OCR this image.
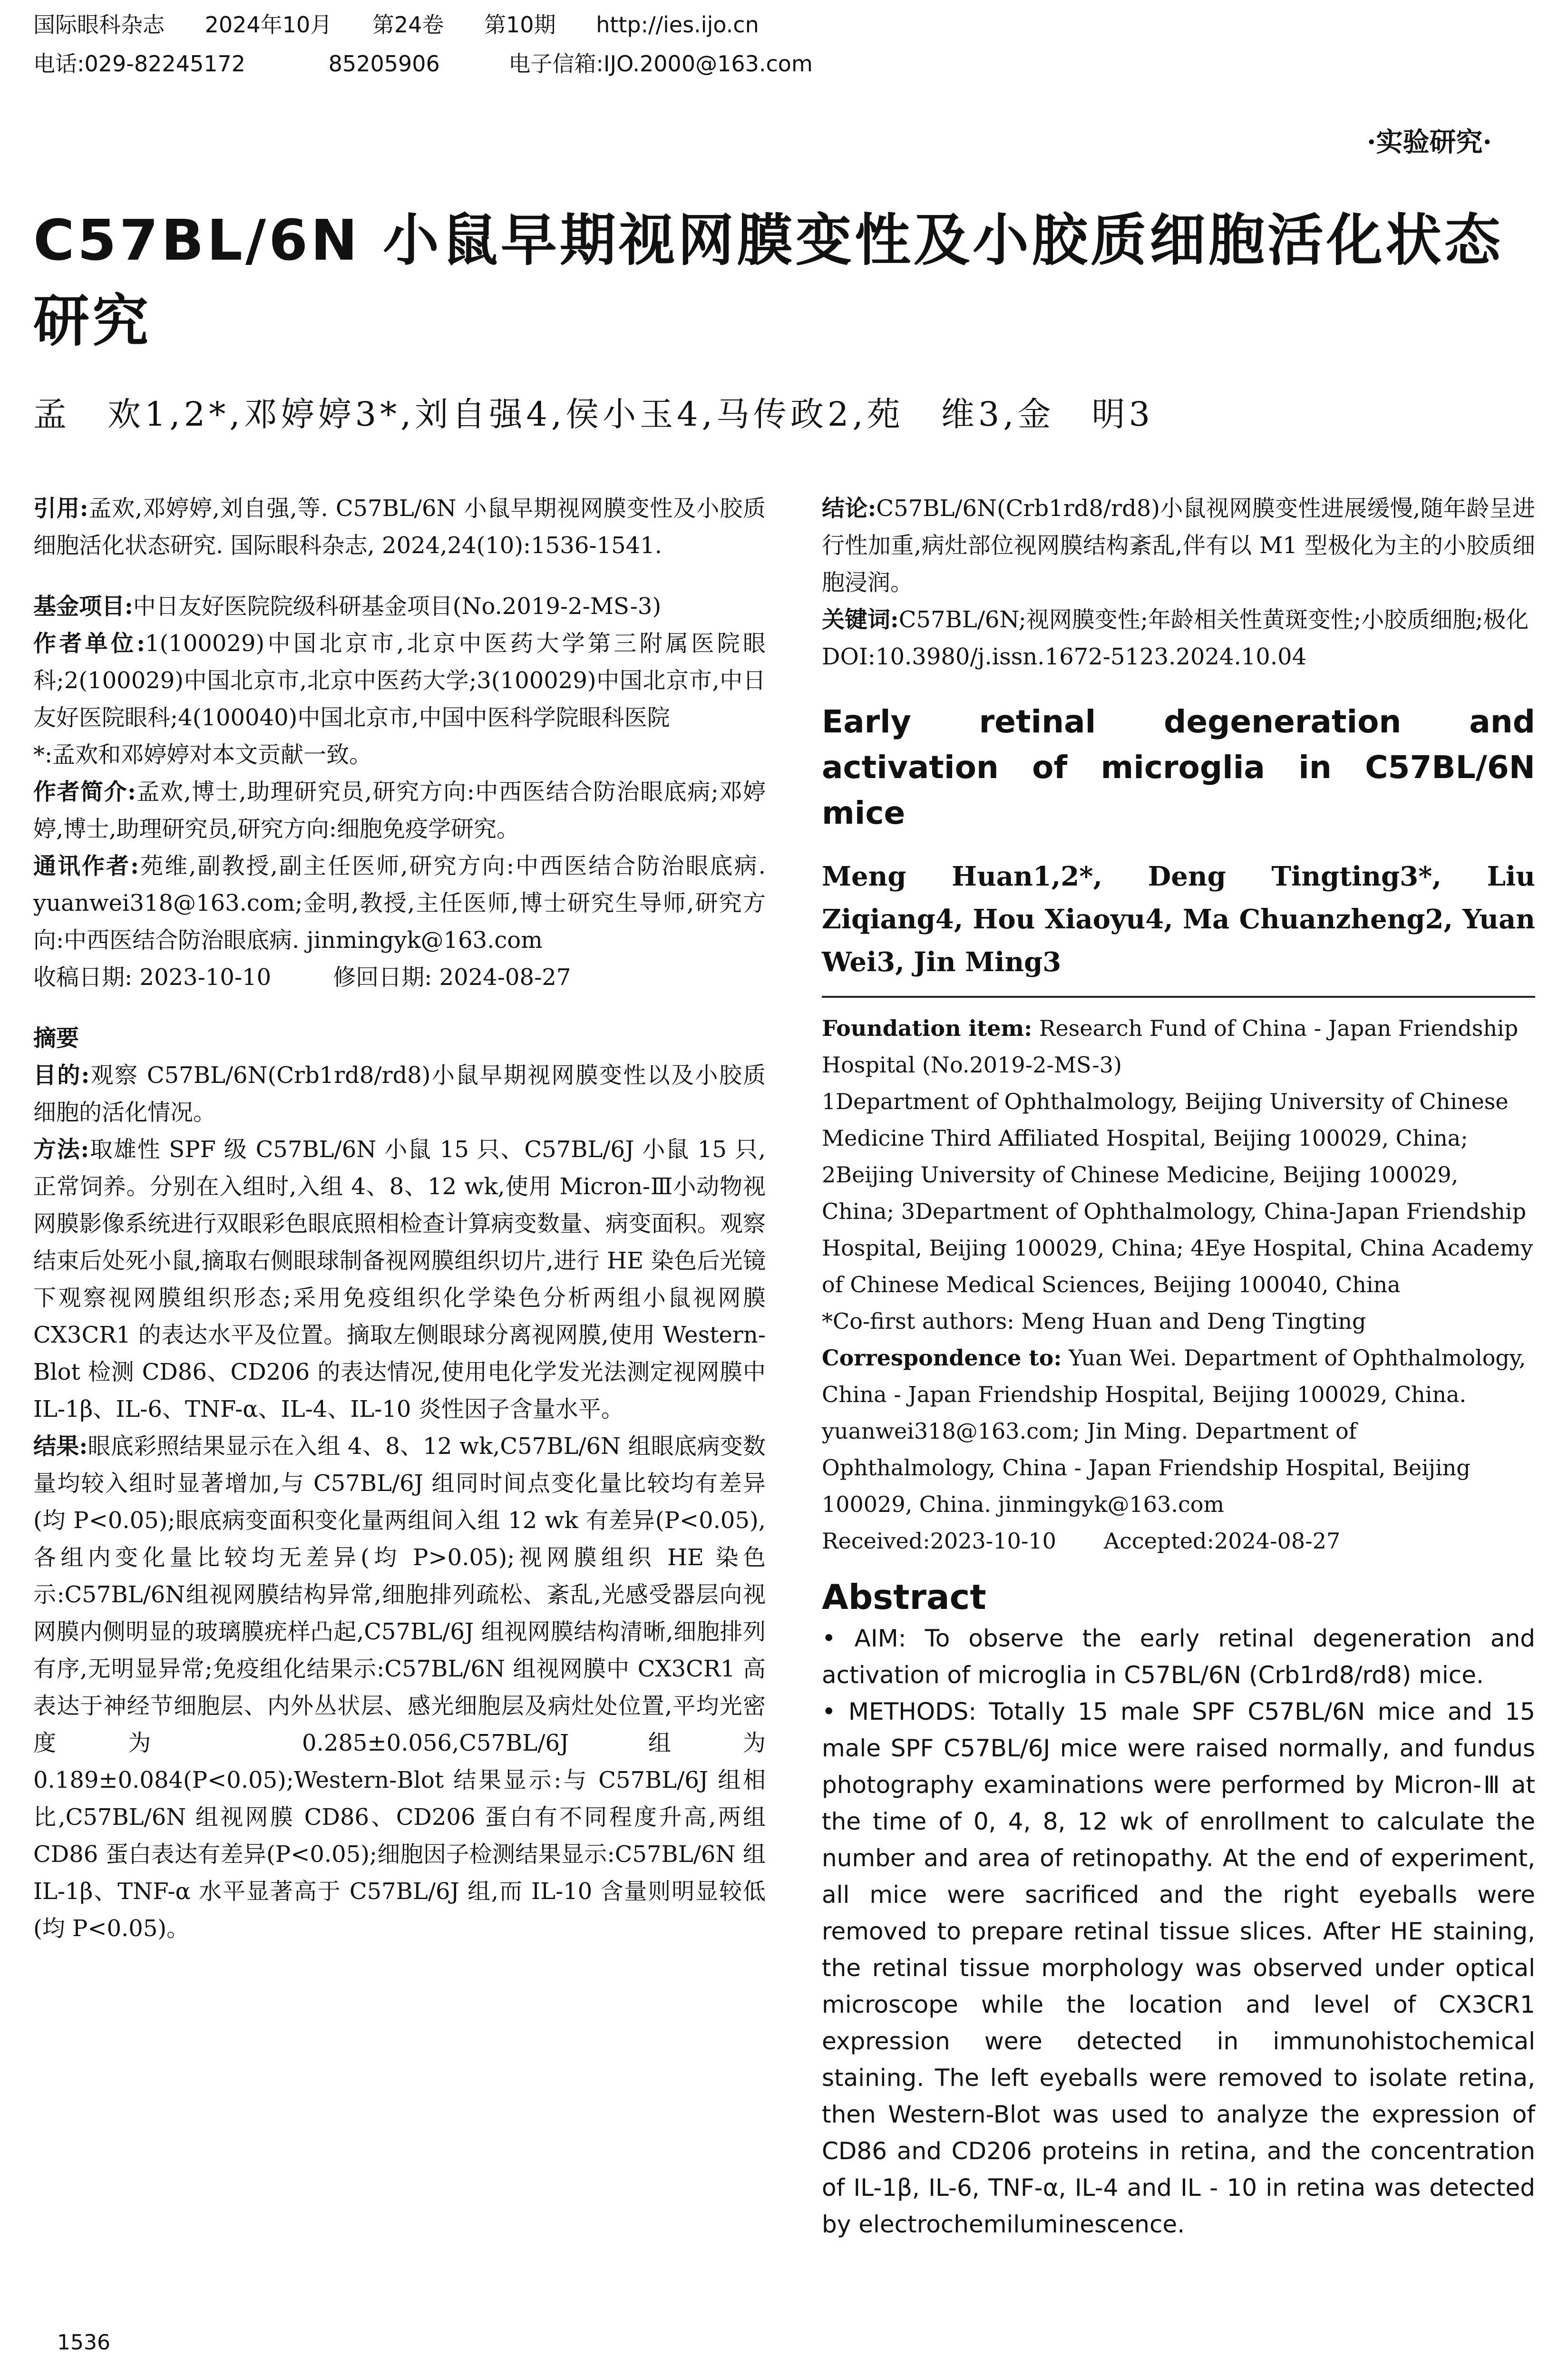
国际眼科杂志 2024年10月 第24卷 第10期 http://ies.ijo.cn
电话:029-82245172	85205906	电子信箱:IJO.2000@163.com
·实验研究·
C57BL/6N 小鼠早期视网膜变性及小胶质细胞活化状态研究
孟　欢1,2*,邓婷婷3*,刘自强4,侯小玉4,马传政2,苑　维3,金　明3

引用:孟欢,邓婷婷,刘自强,等. C57BL/6N 小鼠早期视网膜变性及小胶质细胞活化状态研究. 国际眼科杂志, 2024,24(10):1536-1541.

基金项目:中日友好医院院级科研基金项目(No.2019-2-MS-3)

作者单位:1(100029)中国北京市,北京中医药大学第三附属医院眼科;2(100029)中国北京市,北京中医药大学;3(100029)中国北京市,中日友好医院眼科;4(100040)中国北京市,中国中医科学院眼科医院

*:孟欢和邓婷婷对本文贡献一致。

作者简介:孟欢,博士,助理研究员,研究方向:中西医结合防治眼底病;邓婷婷,博士,助理研究员,研究方向:细胞免疫学研究。

通讯作者:苑维,副教授,副主任医师,研究方向:中西医结合防治眼底病. yuanwei318@163.com;金明,教授,主任医师,博士研究生导师,研究方向:中西医结合防治眼底病. jinmingyk@163.com

收稿日期: 2023-10-10	修回日期: 2024-08-27

摘要

目的:观察 C57BL/6N(Crb1rd8/rd8)小鼠早期视网膜变性以及小胶质细胞的活化情况。

方法:取雄性 SPF 级 C57BL/6N 小鼠 15 只、C57BL/6J 小鼠 15 只,正常饲养。分别在入组时,入组 4、8、12 wk,使用 Micron-Ⅲ小动物视网膜影像系统进行双眼彩色眼底照相检查计算病变数量、病变面积。观察结束后处死小鼠,摘取右侧眼球制备视网膜组织切片,进行 HE 染色后光镜下观察视网膜组织形态;采用免疫组织化学染色分析两组小鼠视网膜 CX3CR1 的表达水平及位置。摘取左侧眼球分离视网膜,使用 Western-Blot 检测 CD86、CD206 的表达情况,使用电化学发光法测定视网膜中 IL-1β、IL-6、TNF-α、IL-4、IL-10 炎性因子含量水平。

结果:眼底彩照结果显示在入组 4、8、12 wk,C57BL/6N 组眼底病变数量均较入组时显著增加,与 C57BL/6J 组同时间点变化量比较均有差异(均 P<0.05);眼底病变面积变化量两组间入组 12 wk 有差异(P<0.05),各组内变化量比较均无差异(均 P>0.05);视网膜组织 HE 染色示:C57BL/6N组视网膜结构异常,细胞排列疏松、紊乱,光感受器层向视网膜内侧明显的玻璃膜疣样凸起,C57BL/6J 组视网膜结构清晰,细胞排列有序,无明显异常;免疫组化结果示:C57BL/6N 组视网膜中 CX3CR1 高表达于神经节细胞层、内外丛状层、感光细胞层及病灶处位置,平均光密度为 0.285±0.056,C57BL/6J 组为 0.189±0.084(P<0.05);Western-Blot 结果显示:与 C57BL/6J 组相比,C57BL/6N 组视网膜 CD86、CD206 蛋白有不同程度升高,两组 CD86 蛋白表达有差异(P<0.05);细胞因子检测结果显示:C57BL/6N 组 IL-1β、TNF-α 水平显著高于 C57BL/6J 组,而 IL-10 含量则明显较低(均 P<0.05)。

结论:C57BL/6N(Crb1rd8/rd8)小鼠视网膜变性进展缓慢,随年龄呈进行性加重,病灶部位视网膜结构紊乱,伴有以 M1 型极化为主的小胶质细胞浸润。

关键词:C57BL/6N;视网膜变性;年龄相关性黄斑变性;小胶质细胞;极化

DOI:10.3980/j.issn.1672-5123.2024.10.04

Early retinal degeneration and activation of microglia in C57BL/6N mice

Meng Huan1,2*, Deng Tingting3*, Liu Ziqiang4, Hou Xiaoyu4, Ma Chuanzheng2, Yuan Wei3, Jin Ming3

Foundation item: Research Fund of China - Japan Friendship Hospital (No.2019-2-MS-3)

1Department of Ophthalmology, Beijing University of Chinese Medicine Third Affiliated Hospital, Beijing 100029, China; 2Beijing University of Chinese Medicine, Beijing 100029, China; 3Department of Ophthalmology, China-Japan Friendship Hospital, Beijing 100029, China; 4Eye Hospital, China Academy of Chinese Medical Sciences, Beijing 100040, China

*Co-first authors: Meng Huan and Deng Tingting

Correspondence to: Yuan Wei. Department of Ophthalmology, China - Japan Friendship Hospital, Beijing 100029, China. yuanwei318@163.com; Jin Ming. Department of Ophthalmology, China - Japan Friendship Hospital, Beijing 100029, China. jinmingyk@163.com

Received:2023-10-10 Accepted:2024-08-27

Abstract

• AIM: To observe the early retinal degeneration and activation of microglia in C57BL/6N (Crb1rd8/rd8) mice.

• METHODS: Totally 15 male SPF C57BL/6N mice and 15 male SPF C57BL/6J mice were raised normally, and fundus photography examinations were performed by Micron-Ⅲ at the time of 0, 4, 8, 12 wk of enrollment to calculate the number and area of retinopathy. At the end of experiment, all mice were sacrificed and the right eyeballs were removed to prepare retinal tissue slices. After HE staining, the retinal tissue morphology was observed under optical microscope while the location and level of CX3CR1 expression were detected in immunohistochemical staining. The left eyeballs were removed to isolate retina, then Western-Blot was used to analyze the expression of CD86 and CD206 proteins in retina, and the concentration of IL-1β, IL-6, TNF-α, IL-4 and IL - 10 in retina was detected by electrochemiluminescence.

1536
